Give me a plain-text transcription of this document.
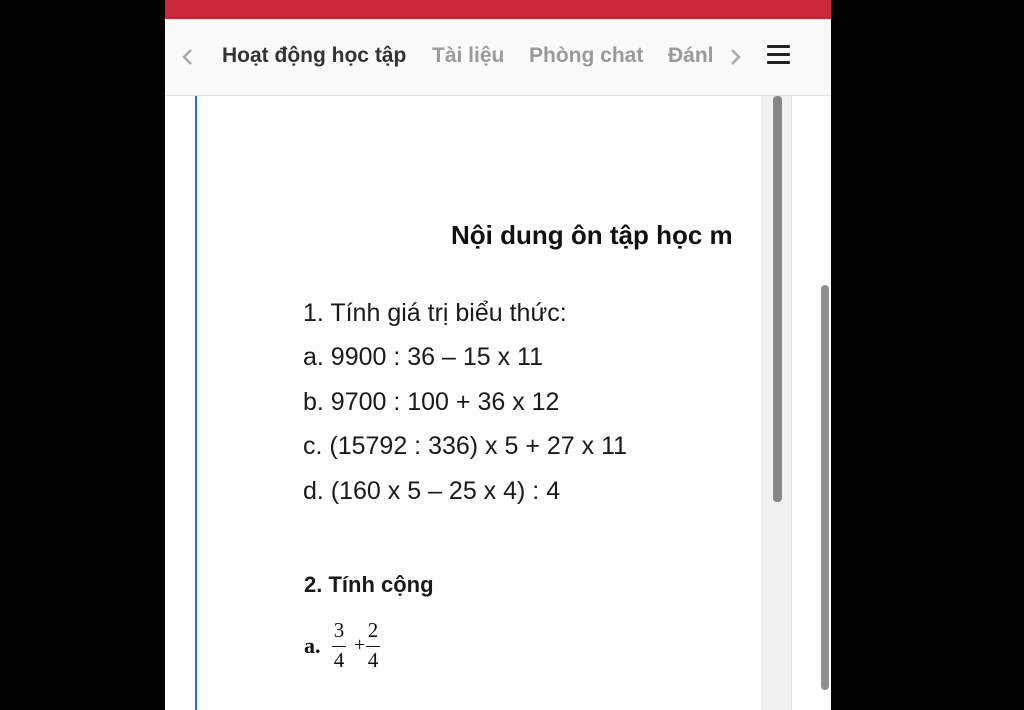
Hoạt động học tập Tài liệu Phòng chat Đánl
Nội dung ôn tập học m
1. Tính giá trị biểu thức:
a. 9900 : 36 – 15 x 11
b. 9700 : 100 + 36 x 12
c. (15792 : 336) x 5 + 27 x 11
d. (160 x 5 – 25 x 4) : 4
2. Tính cộng
a.
3
4
+
2
4
